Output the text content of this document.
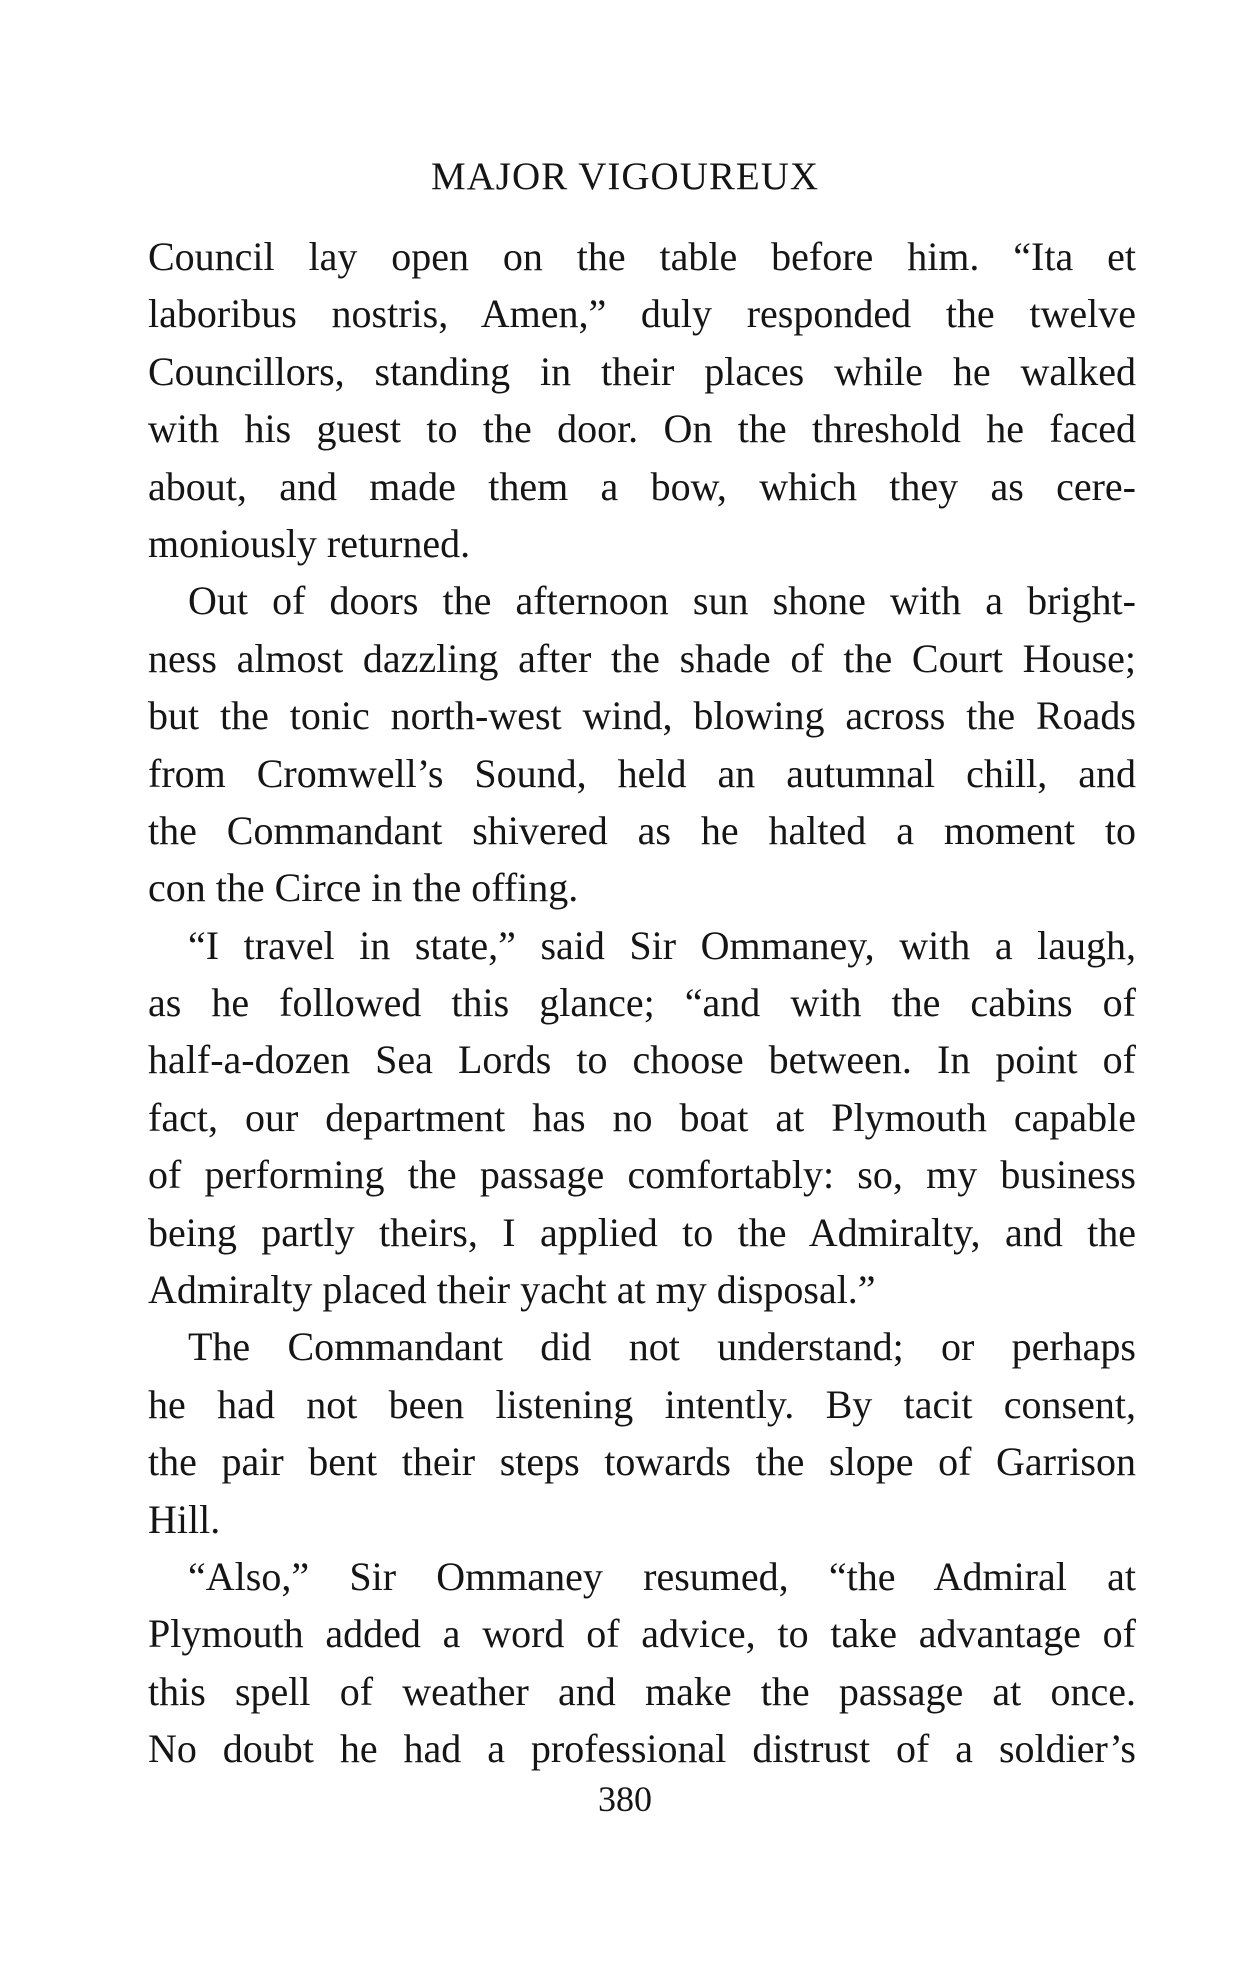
MAJOR VIGOUREUX
Council lay open on the table before him. “Ita et
laboribus nostris, Amen,” duly responded the twelve
Councillors, standing in their places while he walked
with his guest to the door. On the threshold he faced
about, and made them a bow, which they as cere-
moniously returned.
Out of doors the afternoon sun shone with a bright-
ness almost dazzling after the shade of the Court House;
but the tonic north-west wind, blowing across the Roads
from Cromwell’s Sound, held an autumnal chill, and
the Commandant shivered as he halted a moment to
con the Circe in the offing.
“I travel in state,” said Sir Ommaney, with a laugh,
as he followed this glance; “and with the cabins of
half-a-dozen Sea Lords to choose between. In point of
fact, our department has no boat at Plymouth capable
of performing the passage comfortably: so, my business
being partly theirs, I applied to the Admiralty, and the
Admiralty placed their yacht at my disposal.”
The Commandant did not understand; or perhaps
he had not been listening intently. By tacit consent,
the pair bent their steps towards the slope of Garrison
Hill.
“Also,” Sir Ommaney resumed, “the Admiral at
Plymouth added a word of advice, to take advantage of
this spell of weather and make the passage at once.
No doubt he had a professional distrust of a soldier’s
380
